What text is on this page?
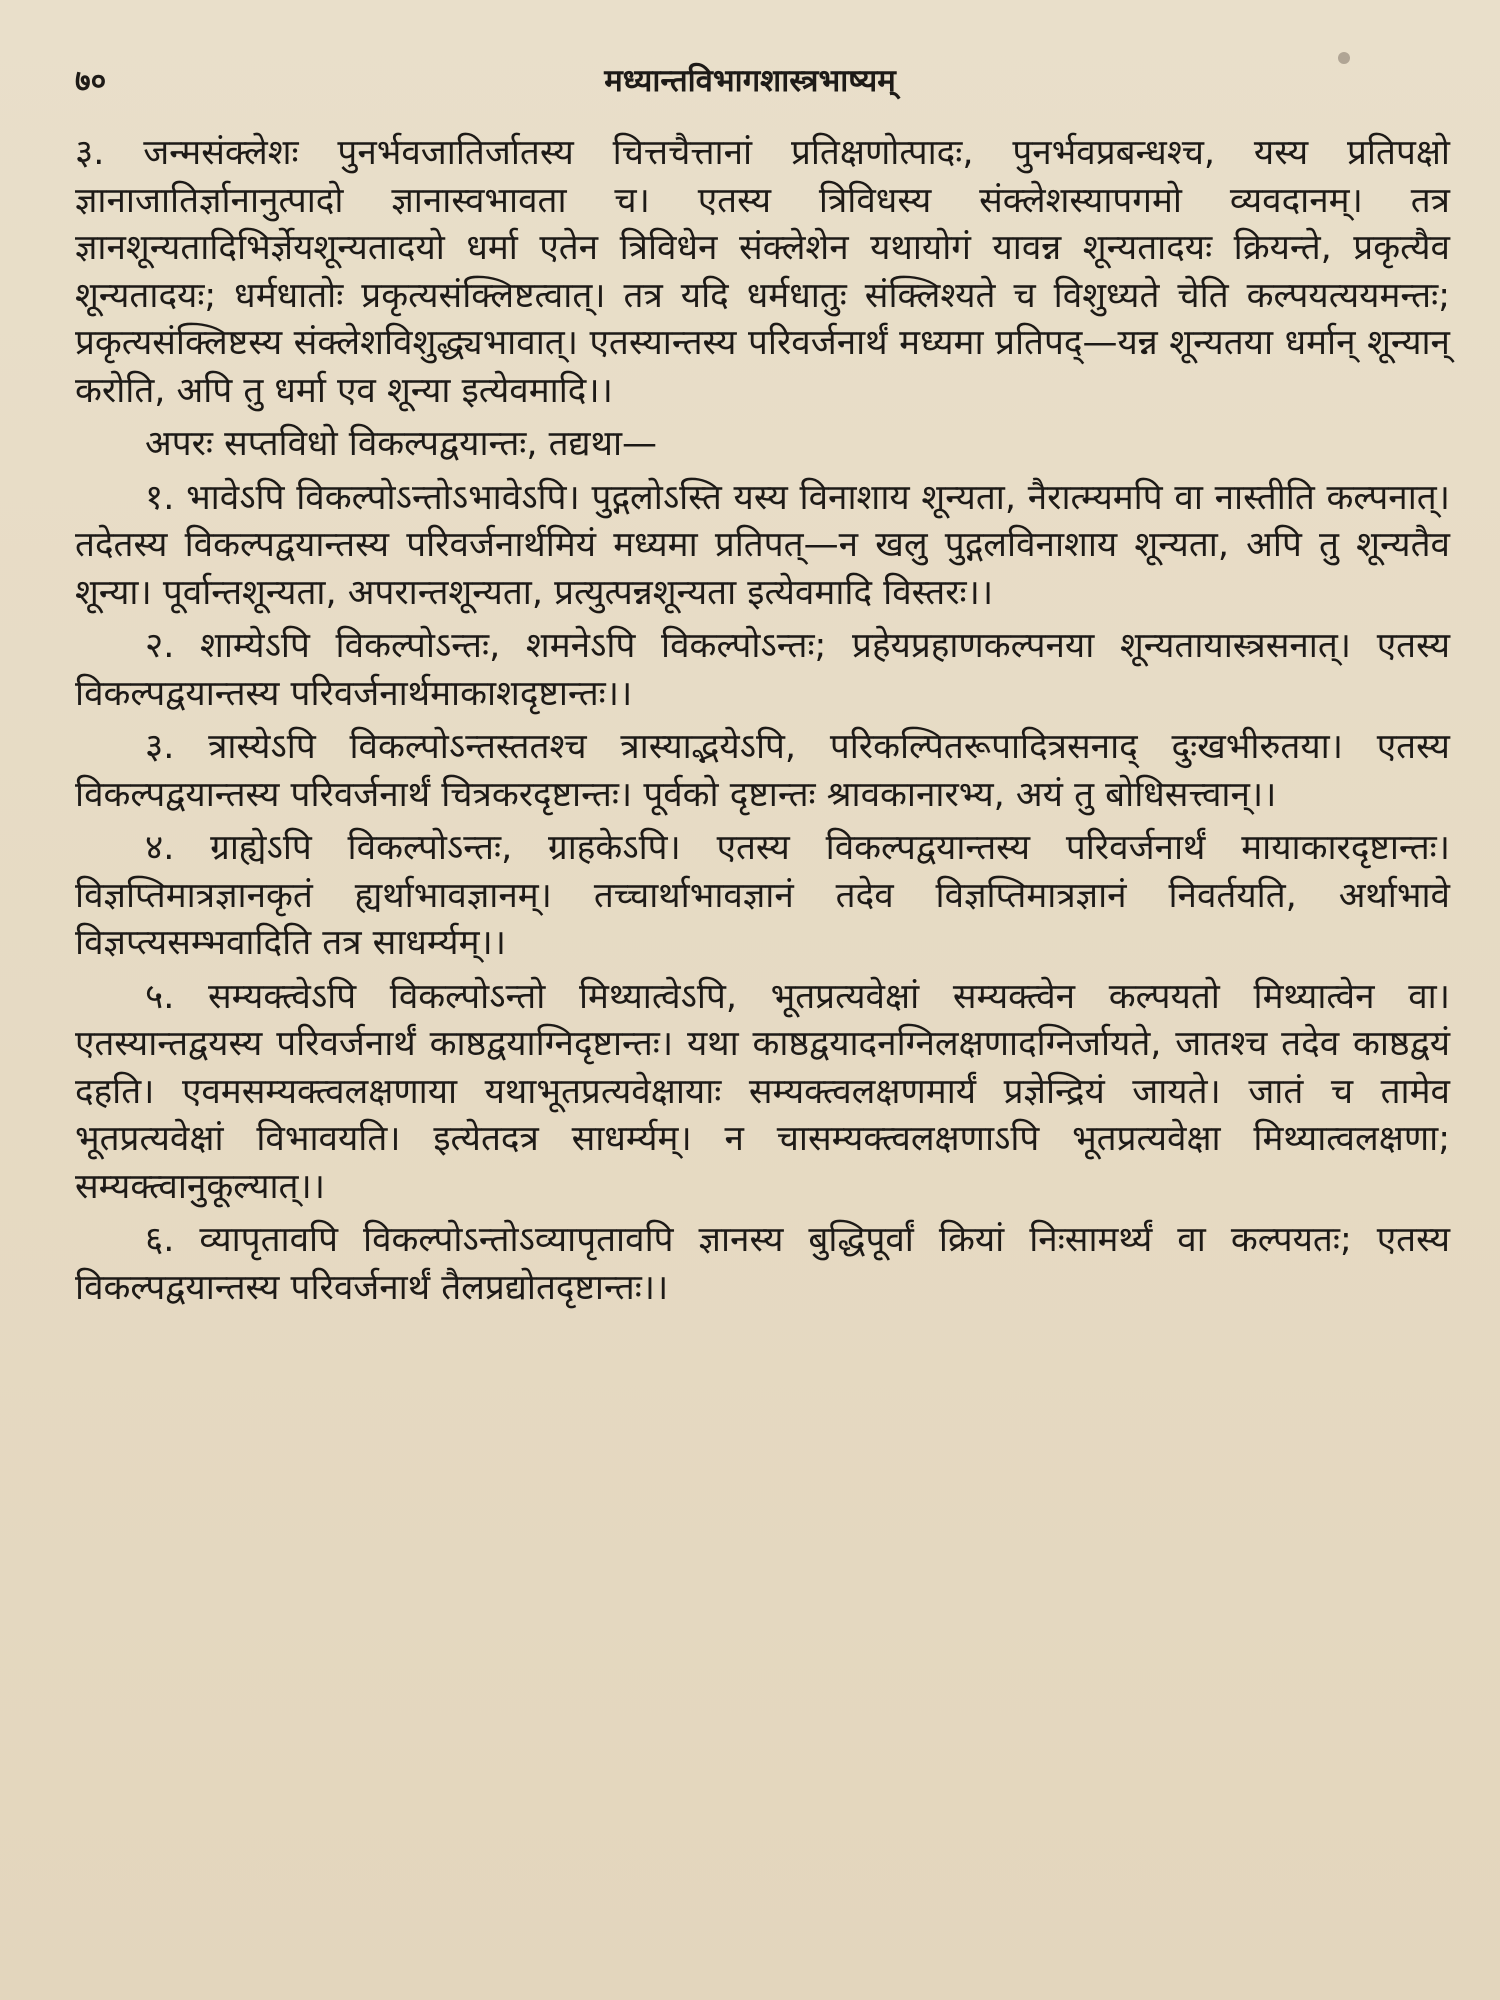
७०	मध्यान्तविभागशास्त्रभाष्यम्

३. जन्मसंक्लेशः पुनर्भवजातिर्जातस्य चित्तचैत्तानां प्रतिक्षणोत्पादः, पुनर्भवप्रबन्धश्च, यस्य प्रतिपक्षो ज्ञानाजातिर्ज्ञानानुत्पादो ज्ञानास्वभावता च। एतस्य त्रिविधस्य संक्लेशस्यापगमो व्यवदानम्। तत्र ज्ञानशून्यतादिभिर्ज्ञेयशून्यतादयो धर्मा एतेन त्रिविधेन संक्लेशेन यथायोगं यावन्न शून्यतादयः क्रियन्ते, प्रकृत्यैव शून्यतादयः; धर्मधातोः प्रकृत्यसंक्लिष्टत्वात्। तत्र यदि धर्मधातुः संक्लिश्यते च विशुध्यते चेति कल्पयत्ययमन्तः; प्रकृत्यसंक्लिष्टस्य संक्लेशविशुद्ध्यभावात्। एतस्यान्तस्य परिवर्जनार्थं मध्यमा प्रतिपद्—यन्न शून्यतया धर्मान् शून्यान् करोति, अपि तु धर्मा एव शून्या इत्येवमादि।।

अपरः सप्तविधो विकल्पद्वयान्तः, तद्यथा—

१. भावेऽपि विकल्पोऽन्तोऽभावेऽपि। पुद्गलोऽस्ति यस्य विनाशाय शून्यता, नैरात्म्यमपि वा नास्तीति कल्पनात्। तदेतस्य विकल्पद्वयान्तस्य परिवर्जनार्थमियं मध्यमा प्रतिपत्—न खलु पुद्गलविनाशाय शून्यता, अपि तु शून्यतैव शून्या। पूर्वान्तशून्यता, अपरान्तशून्यता, प्रत्युत्पन्नशून्यता इत्येवमादि विस्तरः।।

२. शाम्येऽपि विकल्पोऽन्तः, शमनेऽपि विकल्पोऽन्तः; प्रहेयप्रहाणकल्पनया शून्यतायास्त्रसनात्। एतस्य विकल्पद्वयान्तस्य परिवर्जनार्थमाकाशदृष्टान्तः।।

३. त्रास्येऽपि विकल्पोऽन्तस्ततश्च त्रास्याद्भयेऽपि, परिकल्पितरूपादित्रसनाद् दुःखभीरुतया। एतस्य विकल्पद्वयान्तस्य परिवर्जनार्थं चित्रकरदृष्टान्तः। पूर्वको दृष्टान्तः श्रावकानारभ्य, अयं तु बोधिसत्त्वान्।।

४. ग्राह्येऽपि विकल्पोऽन्तः, ग्राहकेऽपि। एतस्य विकल्पद्वयान्तस्य परिवर्जनार्थं मायाकारदृष्टान्तः। विज्ञप्तिमात्रज्ञानकृतं ह्यर्थाभावज्ञानम्। तच्चार्थाभावज्ञानं तदेव विज्ञप्तिमात्रज्ञानं निवर्तयति, अर्थाभावे विज्ञप्त्यसम्भवादिति तत्र साधर्म्यम्।।

५. सम्यक्त्वेऽपि विकल्पोऽन्तो मिथ्यात्वेऽपि, भूतप्रत्यवेक्षां सम्यक्त्वेन कल्पयतो मिथ्यात्वेन वा। एतस्यान्तद्वयस्य परिवर्जनार्थं काष्ठद्वयाग्निदृष्टान्तः। यथा काष्ठद्वयादनग्निलक्षणादग्निर्जायते, जातश्च तदेव काष्ठद्वयं दहति। एवमसम्यक्त्वलक्षणाया यथाभूतप्रत्यवेक्षायाः सम्यक्त्वलक्षणमार्यं प्रज्ञेन्द्रियं जायते। जातं च तामेव भूतप्रत्यवेक्षां विभावयति। इत्येतदत्र साधर्म्यम्। न चासम्यक्त्वलक्षणाऽपि भूतप्रत्यवेक्षा मिथ्यात्वलक्षणा; सम्यक्त्वानुकूल्यात्।।

६. व्यापृतावपि विकल्पोऽन्तोऽव्यापृतावपि ज्ञानस्य बुद्धिपूर्वां क्रियां निःसामर्थ्यं वा कल्पयतः; एतस्य विकल्पद्वयान्तस्य परिवर्जनार्थं तैलप्रद्योतदृष्टान्तः।।
